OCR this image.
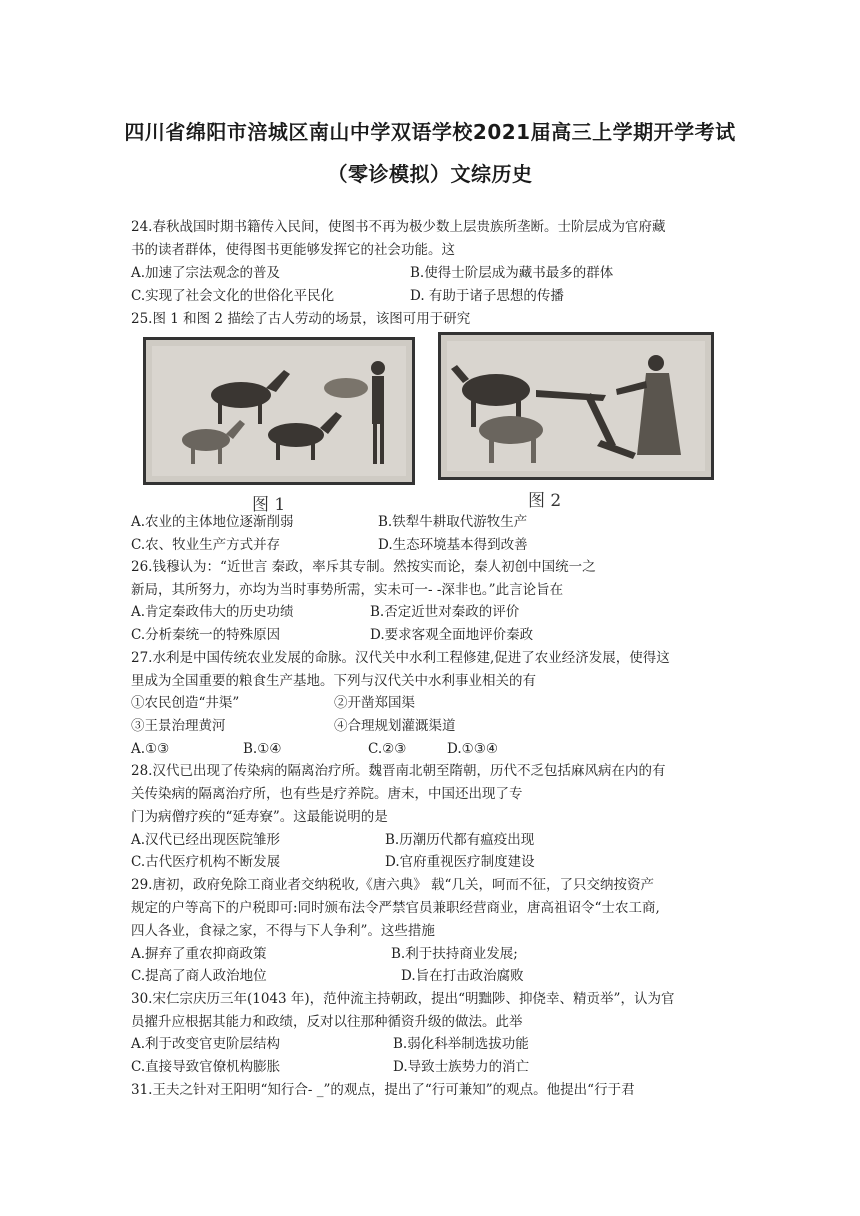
四川省绵阳市涪城区南山中学双语学校2021届高三上学期开学考试
（零诊模拟）文综历史
24.春秋战国时期书籍传入民间，使图书不再为极少数上层贵族所垄断。士阶层成为官府藏
书的读者群体，使得图书更能够发挥它的社会功能。这
A.加速了宗法观念的普及	B.使得士阶层成为藏书最多的群体
C.实现了社会文化的世俗化平民化	D. 有助于诸子思想的传播
25.图 1 和图 2 描绘了古人劳动的场景，该图可用于研究
图 1	图 2
A.农业的主体地位逐渐削弱	B.铁犁牛耕取代游牧生产
C.农、牧业生产方式并存	D.生态环境基本得到改善
26.钱穆认为：“近世言 秦政，率斥其专制。然按实而论，秦人初创中国统一之
新局，其所努力，亦均为当时事势所需，实未可一- -深非也。”此言论旨在
A.肯定秦政伟大的历史功绩	B.否定近世对秦政的评价
C.分析秦统一的特殊原因	D.要求客观全面地评价秦政
27.水利是中国传统农业发展的命脉。汉代关中水利工程修建,促进了农业经济发展，使得这
里成为全国重要的粮食生产基地。下列与汉代关中水利事业相关的有
①农民创造“井渠”	②开凿郑国渠
③王景治理黄河	④合理规划灌溉渠道
A.①③	B.①④	C.②③	D.①③④
28.汉代已出现了传染病的隔离治疗所。魏晋南北朝至隋朝，历代不乏包括麻风病在内的有
关传染病的隔离治疗所，也有些是疗养院。唐末，中国还出现了专
门为病僧疗疾的“延寿寮”。这最能说明的是
A.汉代已经出现医院雏形	B.历潮历代都有瘟疫出现
C.古代医疗机构不断发展	D.官府重视医疗制度建设
29.唐初，政府免除工商业者交纳税收,《唐六典》 载“几关，呵而不征，了只交纳按资产
规定的户等高下的户税即可:同时颁布法令严禁官员兼职经营商业，唐高祖诏令“士农工商,
四人各业，食禄之家，不得与下人争利”。这些措施
A.摒弃了重农抑商政策	B.利于扶持商业发展;
C.提高了商人政治地位	D.旨在打击政治腐败
30.宋仁宗庆历三年(1043 年)，范仲流主持朝政，提出“明黜陟、抑侥幸、精贡举”，认为官
员擢升应根据其能力和政绩，反对以往那种循资升级的做法。此举
A.利于改变官吏阶层结构	B.弱化科举制选拔功能
C.直接导致官僚机构膨胀	D.导致士族势力的消亡
31.王夫之针对王阳明“知行合- _”的观点，提出了“行可兼知”的观点。他提出“行于君
